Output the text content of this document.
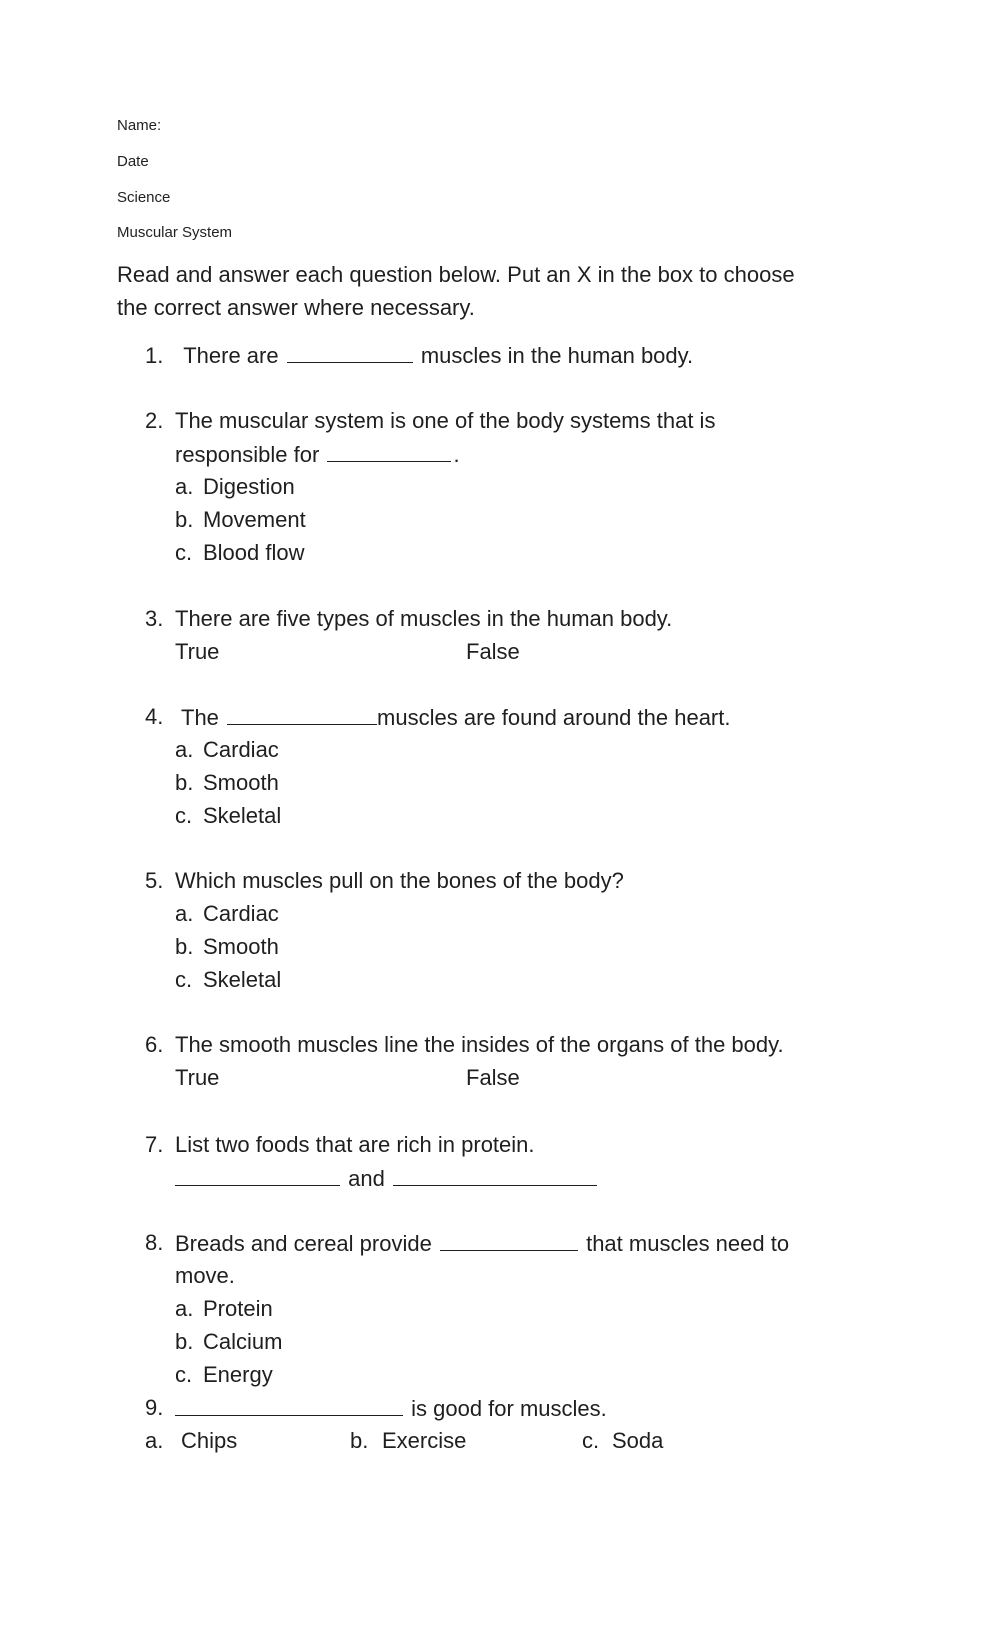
Name:
Date
Science
Muscular System
Read and answer each question below. Put an X in the box to choose
the correct answer where necessary.
1. There are	muscles in the human body.
2. The muscular system is one of the body systems that is
responsible for	.
a. Digestion
b. Movement
c. Blood flow
3. There are five types of muscles in the human body.
True	False
4. The	muscles are found around the heart.
a. Cardiac
b. Smooth
c. Skeletal
5. Which muscles pull on the bones of the body?
a. Cardiac
b. Smooth
c. Skeletal
6. The smooth muscles line the insides of the organs of the body.
True	False
7. List two foods that are rich in protein.
and
8. Breads and cereal provide	that muscles need to
move.
a. Protein
b. Calcium
c. Energy
9.	is good for muscles.
a. Chips	b. Exercise	c. Soda
